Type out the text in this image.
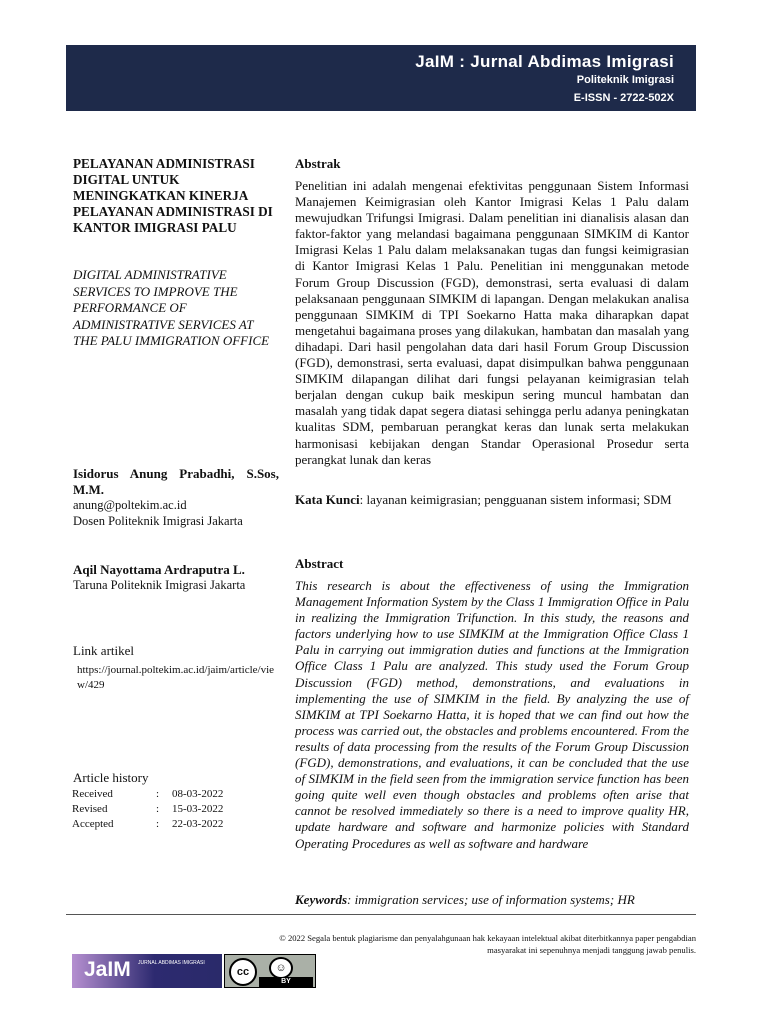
JaIM : Jurnal Abdimas Imigrasi
Politeknik Imigrasi
E-ISSN - 2722-502X
PELAYANAN ADMINISTRASI DIGITAL UNTUK MENINGKATKAN KINERJA PELAYANAN ADMINISTRASI DI KANTOR IMIGRASI PALU
DIGITAL ADMINISTRATIVE SERVICES TO IMPROVE THE PERFORMANCE OF ADMINISTRATIVE SERVICES AT THE PALU IMMIGRATION OFFICE
Isidorus Anung Prabadhi, S.Sos, M.M.
anung@poltekim.ac.id
Dosen Politeknik Imigrasi Jakarta
Aqil Nayottama Ardraputra L.
Taruna Politeknik Imigrasi Jakarta
Link artikel
https://journal.poltekim.ac.id/jaim/article/view/429
Article history
Received	:	08-03-2022
Revised	:	15-03-2022
Accepted	:	22-03-2022
Abstrak
Penelitian ini adalah mengenai efektivitas penggunaan Sistem Informasi Manajemen Keimigrasian oleh Kantor Imigrasi Kelas 1 Palu dalam mewujudkan Trifungsi Imigrasi. Dalam penelitian ini dianalisis alasan dan faktor-faktor yang melandasi bagaimana penggunaan SIMKIM di Kantor Imigrasi Kelas 1 Palu dalam melaksanakan tugas dan fungsi keimigrasian di Kantor Imigrasi Kelas 1 Palu. Penelitian ini menggunakan metode Forum Group Discussion (FGD), demonstrasi, serta evaluasi di dalam pelaksanaan penggunaan SIMKIM di lapangan. Dengan melakukan analisa penggunaan SIMKIM di TPI Soekarno Hatta maka diharapkan dapat mengetahui bagaimana proses yang dilakukan, hambatan dan masalah yang dihadapi. Dari hasil pengolahan data dari hasil Forum Group Discussion (FGD), demonstrasi, serta evaluasi, dapat disimpulkan bahwa penggunaan SIMKIM dilapangan dilihat dari fungsi pelayanan keimigrasian telah berjalan dengan cukup baik meskipun sering muncul hambatan dan masalah yang tidak dapat segera diatasi sehingga perlu adanya peningkatan kualitas SDM, pembaruan perangkat keras dan lunak serta melakukan harmonisasi kebijakan dengan Standar Operasional Prosedur serta perangkat lunak dan keras
Kata Kunci: layanan keimigrasian; pengguanan sistem informasi; SDM
Abstract
This research is about the effectiveness of using the Immigration Management Information System by the Class 1 Immigration Office in Palu in realizing the Immigration Trifunction. In this study, the reasons and factors underlying how to use SIMKIM at the Immigration Office Class 1 Palu in carrying out immigration duties and functions at the Immigration Office Class 1 Palu are analyzed. This study used the Forum Group Discussion (FGD) method, demonstrations, and evaluations in implementing the use of SIMKIM in the field. By analyzing the use of SIMKIM at TPI Soekarno Hatta, it is hoped that we can find out how the process was carried out, the obstacles and problems encountered. From the results of data processing from the results of the Forum Group Discussion (FGD), demonstrations, and evaluations, it can be concluded that the use of SIMKIM in the field seen from the immigration service function has been going quite well even though obstacles and problems often arise that cannot be resolved immediately so there is a need to improve quality HR, update hardware and software and harmonize policies with Standard Operating Procedures as well as software and hardware
Keywords: immigration services; use of information systems; HR
© 2022 Segala bentuk plagiarisme dan penyalahgunaan hak kekayaan intelektual akibat diterbitkannya paper pengabdian
masyarakat ini sepenuhnya menjadi tanggung jawab penulis.
JaIM JURNAL ABDIMAS IMIGRASI
cc	☺
BY
